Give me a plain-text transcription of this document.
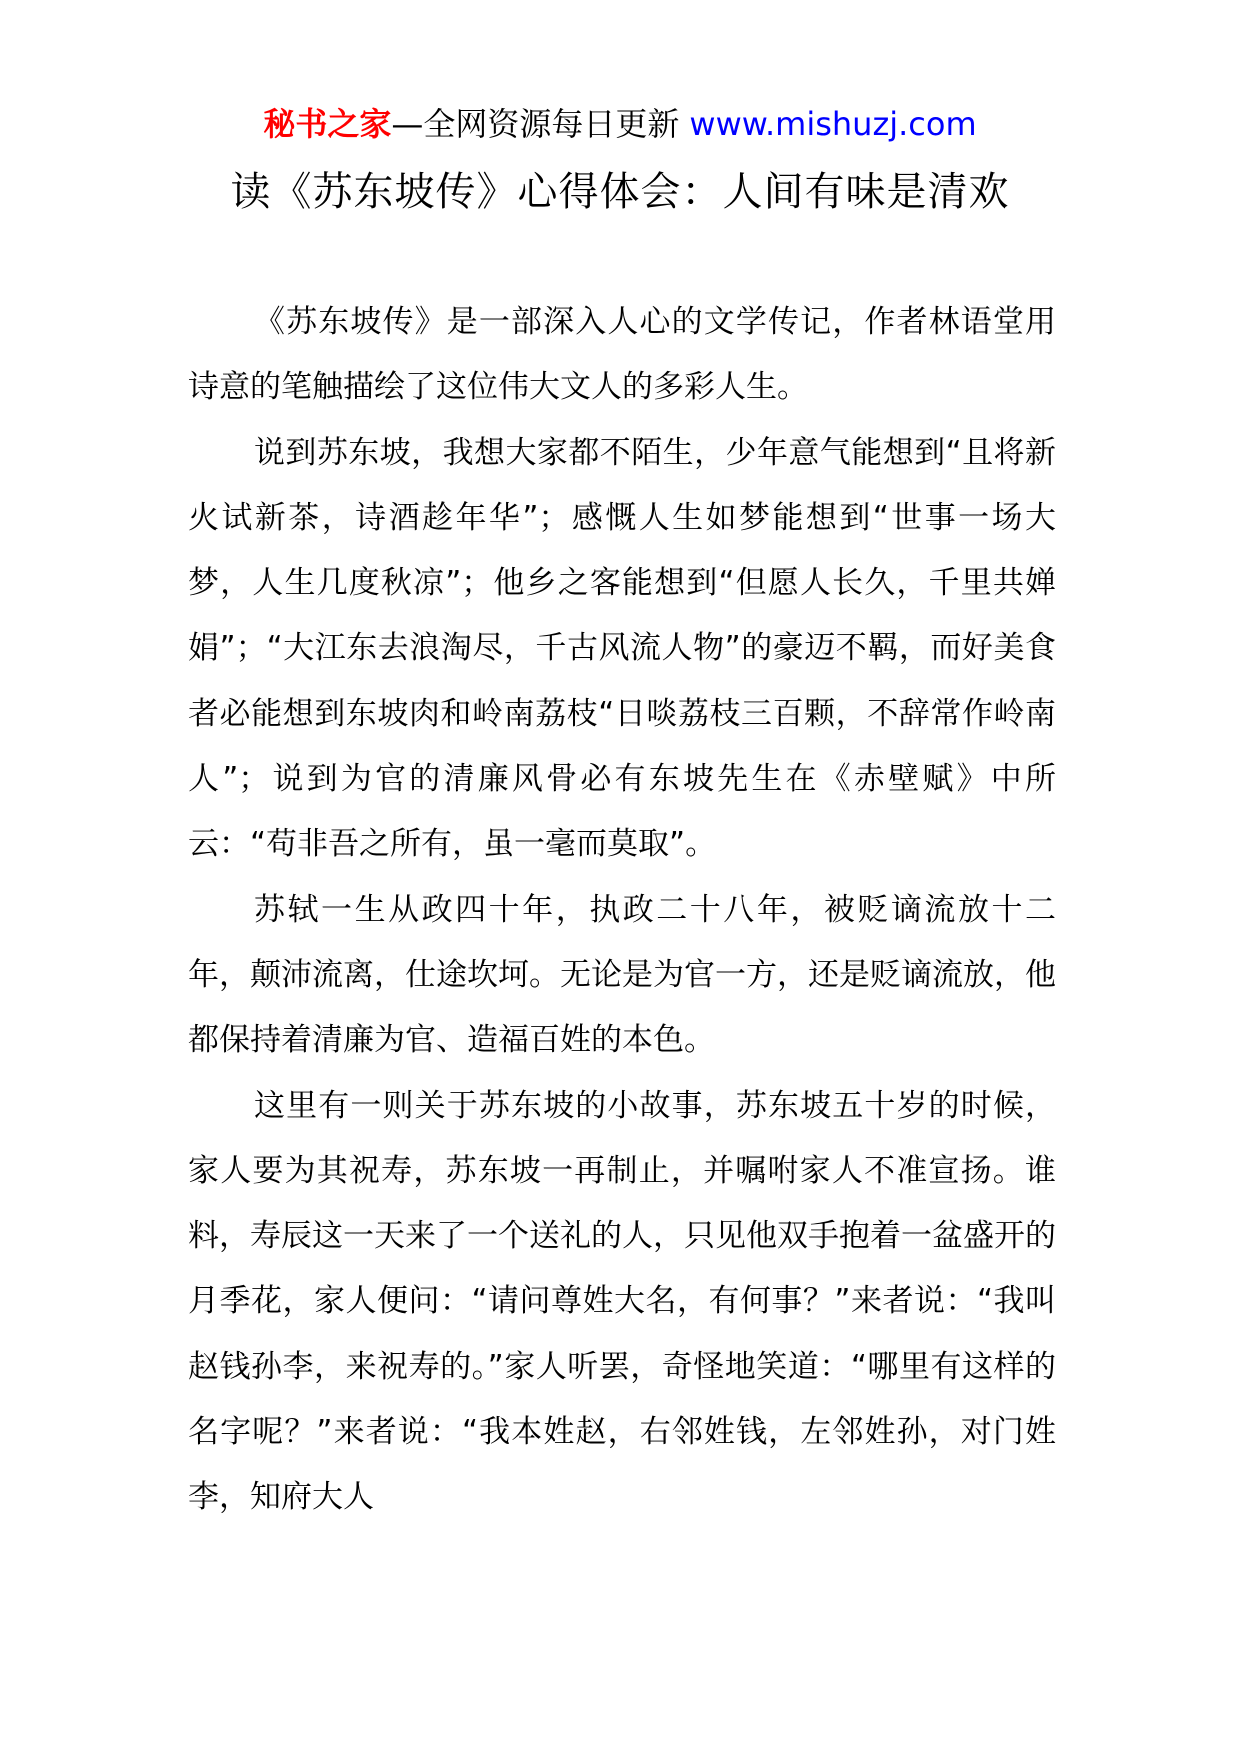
秘书之家—全网资源每日更新 www.mishuzj.com
读《苏东坡传》心得体会：人间有味是清欢

《苏东坡传》是一部深入人心的文学传记，作者林语堂用诗意的笔触描绘了这位伟大文人的多彩人生。

说到苏东坡，我想大家都不陌生，少年意气能想到“且将新火试新茶，诗酒趁年华”；感慨人生如梦能想到“世事一场大梦，人生几度秋凉”；他乡之客能想到“但愿人长久，千里共婵娟”；“大江东去浪淘尽，千古风流人物”的豪迈不羁，而好美食者必能想到东坡肉和岭南荔枝“日啖荔枝三百颗，不辞常作岭南人”；说到为官的清廉风骨必有东坡先生在《赤壁赋》中所云：“苟非吾之所有，虽一毫而莫取”。

苏轼一生从政四十年，执政二十八年，被贬谪流放十二年，颠沛流离，仕途坎坷。无论是为官一方，还是贬谪流放，他都保持着清廉为官、造福百姓的本色。

这里有一则关于苏东坡的小故事，苏东坡五十岁的时候，家人要为其祝寿，苏东坡一再制止，并嘱咐家人不准宣扬。谁料，寿辰这一天来了一个送礼的人，只见他双手抱着一盆盛开的月季花，家人便问：“请问尊姓大名，有何事？”来者说：“我叫赵钱孙李，来祝寿的。”家人听罢，奇怪地笑道：“哪里有这样的名字呢？”来者说：“我本姓赵，右邻姓钱，左邻姓孙，对门姓李，知府大人
